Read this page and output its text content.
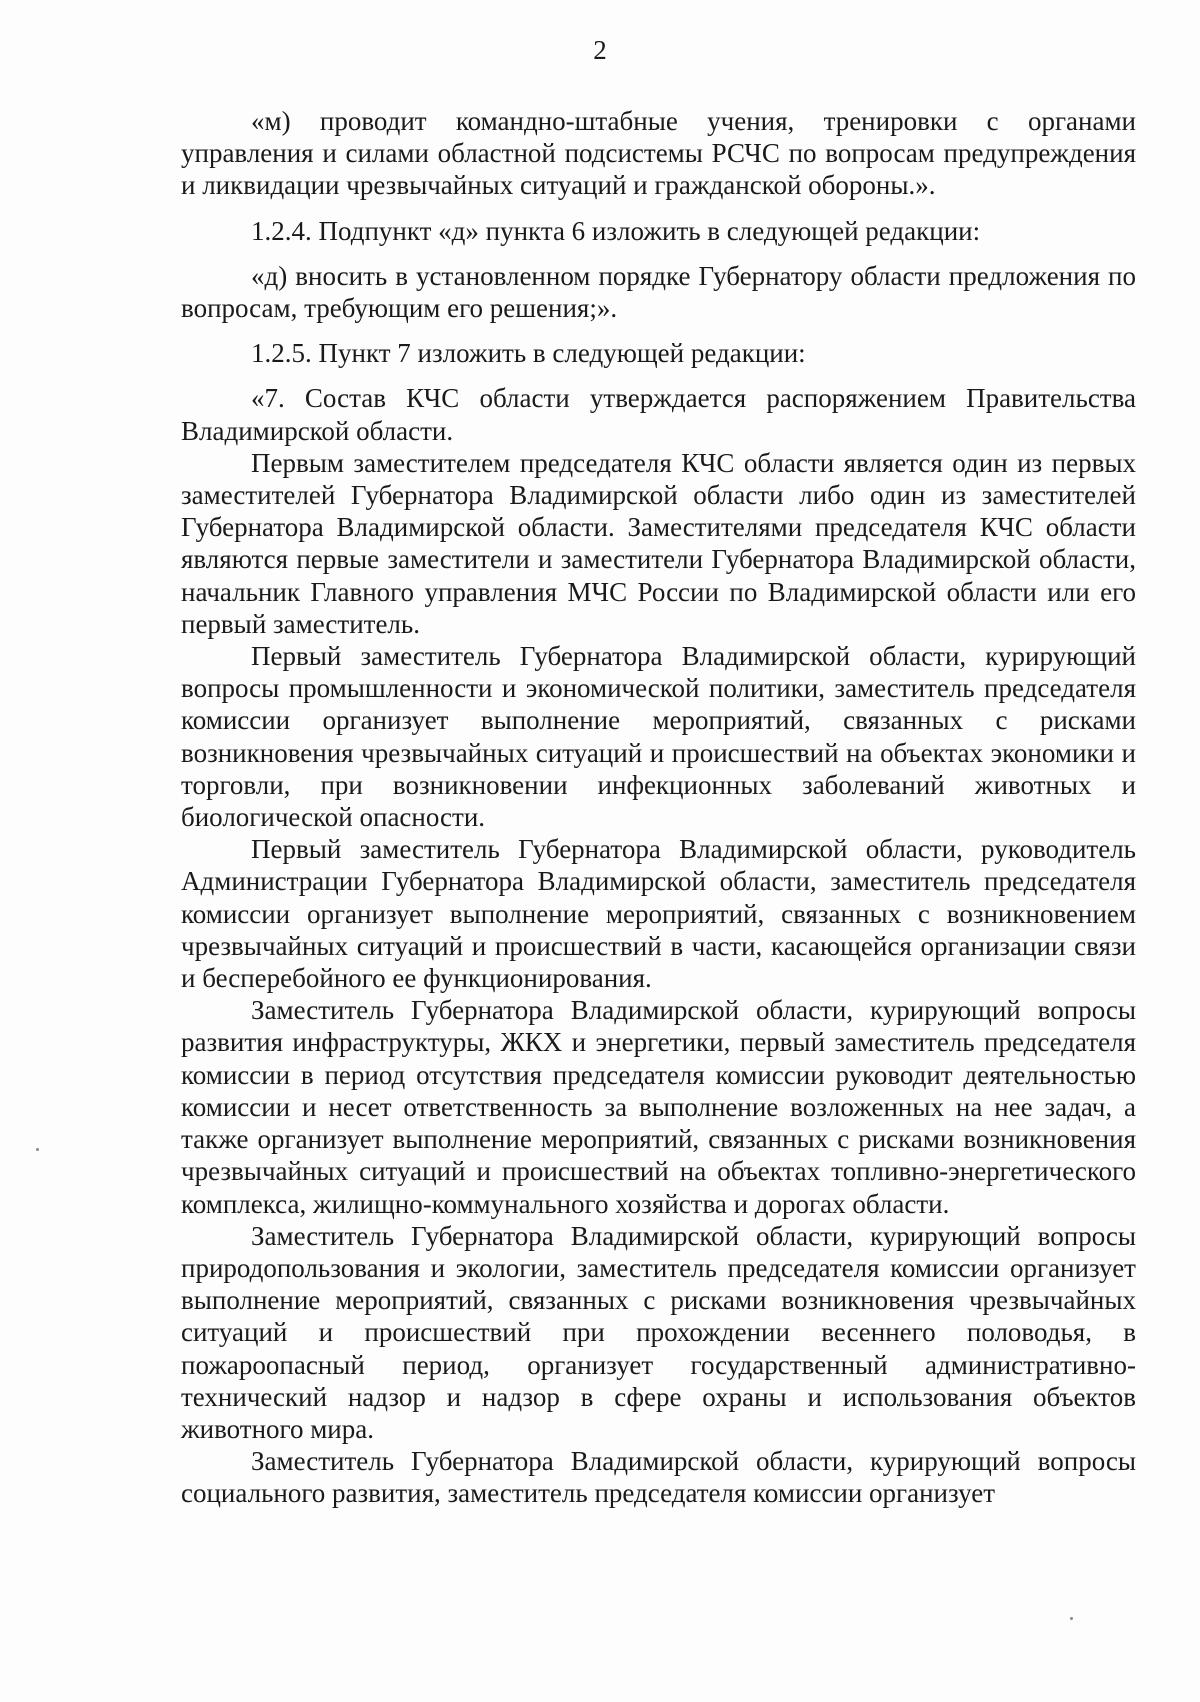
2

«м) проводит командно-штабные учения, тренировки с органами управления и силами областной подсистемы РСЧС по вопросам предупреждения и ликвидации чрезвычайных ситуаций и гражданской обороны.».

1.2.4. Подпункт «д» пункта 6 изложить в следующей редакции:

«д) вносить в установленном порядке Губернатору области предложения по вопросам, требующим его решения;».

1.2.5. Пункт 7 изложить в следующей редакции:

«7. Состав КЧС области утверждается распоряжением Правительства Владимирской области.

Первым заместителем председателя КЧС области является один из первых заместителей Губернатора Владимирской области либо один из заместителей Губернатора Владимирской области. Заместителями председателя КЧС области являются первые заместители и заместители Губернатора Владимирской области, начальник Главного управления МЧС России по Владимирской области или его первый заместитель.

Первый заместитель Губернатора Владимирской области, курирующий вопросы промышленности и экономической политики, заместитель председателя комиссии организует выполнение мероприятий, связанных с рисками возникновения чрезвычайных ситуаций и происшествий на объектах экономики и торговли, при возникновении инфекционных заболеваний животных и биологической опасности.

Первый заместитель Губернатора Владимирской области, руководитель Администрации Губернатора Владимирской области, заместитель председателя комиссии организует выполнение мероприятий, связанных с возникновением чрезвычайных ситуаций и происшествий в части, касающейся организации связи и бесперебойного ее функционирования.

Заместитель Губернатора Владимирской области, курирующий вопросы развития инфраструктуры, ЖКХ и энергетики, первый заместитель председателя комиссии в период отсутствия председателя комиссии руководит деятельностью комиссии и несет ответственность за выполнение возложенных на нее задач, а также организует выполнение мероприятий, связанных с рисками возникновения чрезвычайных ситуаций и происшествий на объектах топливно-энергетического комплекса, жилищно-коммунального хозяйства и дорогах области.

Заместитель Губернатора Владимирской области, курирующий вопросы природопользования и экологии, заместитель председателя комиссии организует выполнение мероприятий, связанных с рисками возникновения чрезвычайных ситуаций и происшествий при прохождении весеннего половодья, в пожароопасный период, организует государственный административно-технический надзор и надзор в сфере охраны и использования объектов животного мира.

Заместитель Губернатора Владимирской области, курирующий вопросы социального развития, заместитель председателя комиссии организует
